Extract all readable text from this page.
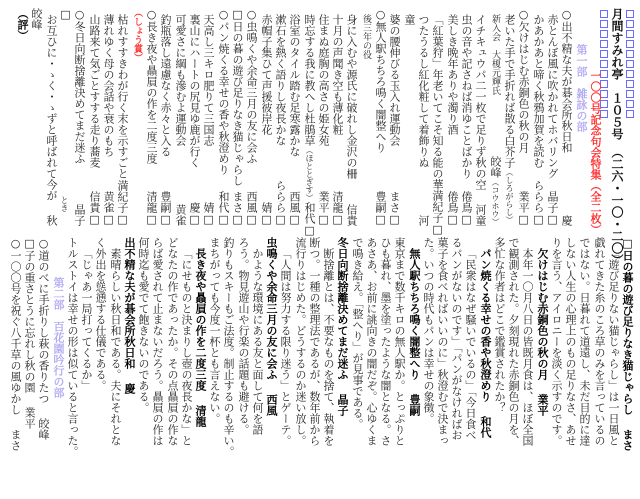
月間すみれ亭　１０５号　（二六・一〇・二〇）
一〇〇号記念句会特集（全二枚）
第一部　雑詠の部
○出不精な夫が碁会所秋日和
慶
赤とんぼ風に吹かれてホバリング
晶子□
かあかあと啼く秋鴉加賀を読む
ららら□
○欠けはじむ赤銅色の秋の月
業平□
老いた手で手折れば散る白芥子（しろがらし）
新入会　大榎元輝氏
皎峰（コウホウ）
イチキュウパ二一枚で足りず秋の空
河童
虫の音や記さねば消ゆことばかり
倦鳥□
美しき晩年ありや濁り酒
倦鳥□
「紅葉狩」年老いてこそ知る能の華
満紀子□
つたうるし紅化粧して着飾りぬ
河
童
婆の腰伸びる玉入れ運動会
まさ□
○無人駅ちちろ鳴く闇整へり
豊嗣□
後三年の役
身に入むや源氏に破れし金沢の柵
信貴
十月の声聞き空も薄化粧
清龍□
住まぬ庭胸の高さの姫女苑
業平□
時忘する我に教へし杜鵑草（ほととぎす）
和代□
浴室のタイル踏む足寒露かな
西風□
漱石を熱く語りし夜長かな
ららら□
赤帽子集ひて声援彼岸花
婧□
○虫鳴くや余命三月の友に会ふ
西風□
□日の暮の遊び足りなき猫じゃらし
まさ□
○パン焼くる幸せの香や秋澄めり
和代□
天高し三キロ肥りて三国志
婧□
裏山にハートの尻見ゆ鹿が行く
慶□
可愛さに綱も滲むよ運動会
黄雀
釣瓶落し遠慮なく赤々と入る
豊嗣□
○長き夜や贔屓の作を二度三度
清龍□
（しょう賞）
枯れすすきわが行く末を示すごと
満紀子□
薄れゆく母の会話や衰のもち
黄雀□
山路来て気ごとすする走り蕎麦
信貴□
○冬日向断捨離決めてまだ迷ふ
晶子
□
お互ひに・ゝく・ゝずと呼ばれて今が
秋
とき
皎峰
（評）
□日の暮の遊び足りなき猫じゃらし
まさ
「遊び足りない猫じゃらし」は一日風と
戯れてきた糸のころ草のみを言っているの
ではない。日暮れて道遠し、未だ目的に達
しない人生の心理上のもの足りなさ、あせ
りを言う、アイロニーを淡く示すのです。
欠けはじむ赤銅色の秋の月
業平
本年一〇月八日の皆既月食は、ほぼ全国
で観測された。夕刻現れた赤銅色の月を、
多忙な作者はどこで鑑賞されたか？
パン焼くる幸せの香や秋澄めり
和代
「民衆はなぜ騒いでいるの」「今日食べ
るパンがないのです」「パンがなければお
菓子を食べればいいのに」秋澄むで決まっ
た。いつの時代もパンは幸せの象徴。
無人駅ちちろ鳴く闇整へり
豊嗣
東京まで数千キロの無人駅か。とっぷりと
ひも暮れ、墨を塗ったような闇となる。さ
あさあ、お前に誂向きの闇だぞ。心ゆくま
で鳴き給え。「整へり」が見事である。
冬日向断捨離決めてまだ迷ふ
晶子
断捨離とは、不要なものを捨て、執着を
断つ。一種の整理法であるが、数年前から
流行りはじめた。どうするのか迷い放し。
「人間は努力する限り迷う」とゲーテ。
虫鳴くや余命三月の友に会ふ
西風
かような環境にある友と面して何を語
ろう。物見遊山や行楽の話題も避ける。
釣りもスキーもご法度。制止するのも辛い。
まちがっても今度一杯とも言えない。
長き夜や贔屓の作を二度三度
清龍
「にせものと決まりし壺の夜長かな」と
どなたの作であったか。その点贔屓の作な
らば愛されて止まないだろう。贔屓の作は
何時迄も愛でて飽きないのである。
出不精な夫が碁会所秋日和
慶
素晴らしい秋日和である。夫にそれとな
く外出を慫慂する仕儀である。
「じゃあ一局打ってくるか」
トルストイは幸せの形は似ていると言った。
第二部　百花園吟行の部
○道のべに手折りし萩の香りたつ
皎峰
□子の重さとうに忘れし秋の園
業平
○一〇〇号を祝ぐ八千草の風ゆかし
まさ
